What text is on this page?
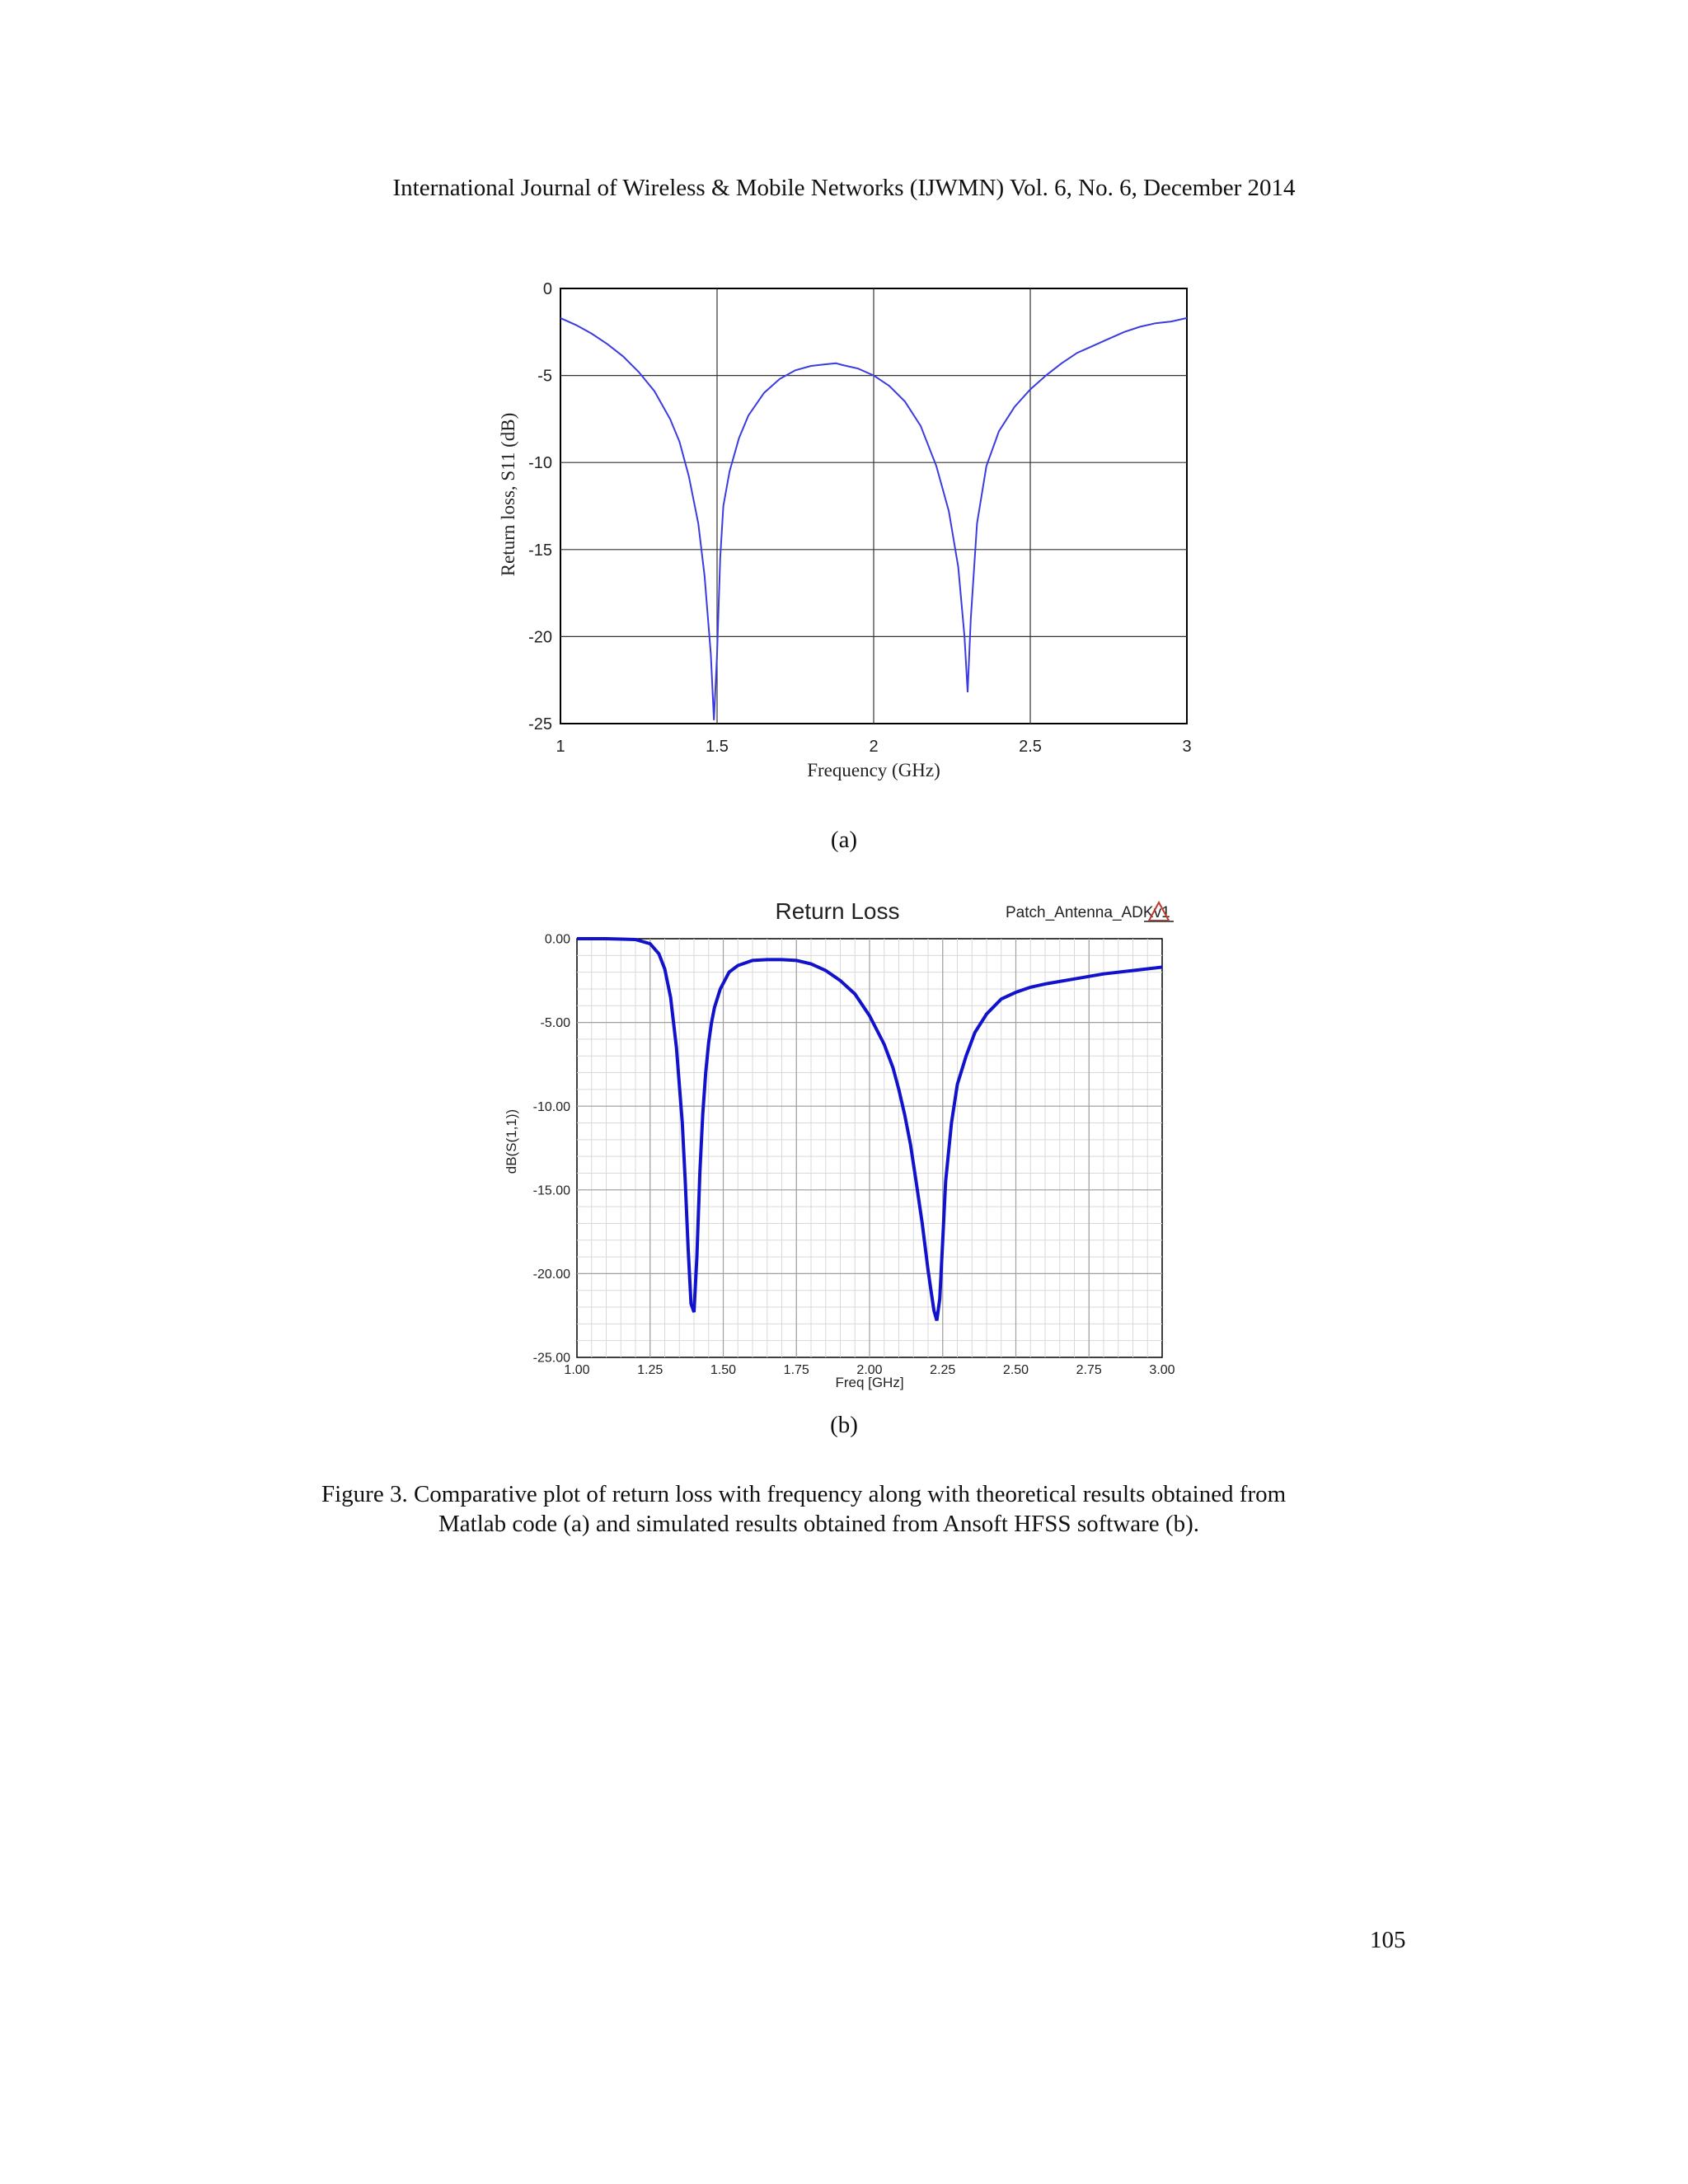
International Journal of Wireless & Mobile Networks (IJWMN) Vol. 6, No. 6, December 2014
1	1.5	2	2.5	3
0
-5
-10
-15
-20
-25
Frequency (GHz)
Return loss, S11 (dB)
(a)
Return Loss	Patch_Antenna_ADKv1
1.00	1.25	1.50	1.75	2.00	2.25	2.50	2.75	3.00
0.00
-5.00
-10.00
-15.00
-20.00
-25.00
Freq [GHz]
dB(S(1,1))
(b)
Figure 3. Comparative plot of return loss with frequency along with theoretical results obtained from
Matlab code (a) and simulated results obtained from Ansoft HFSS software (b).
105
